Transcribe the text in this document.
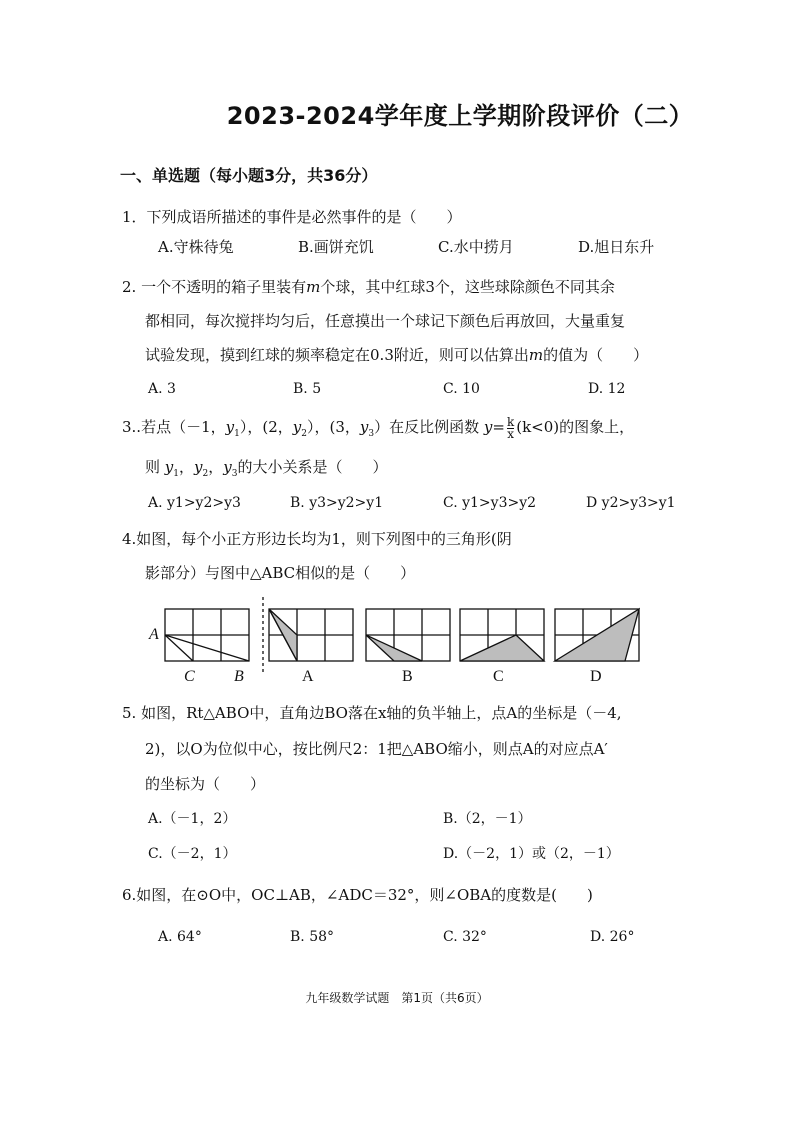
2023-2024学年度上学期阶段评价（二）
一、单选题（每小题3分，共36分）
1．下列成语所描述的事件是必然事件的是（　　）
A.守株待兔	B.画饼充饥	C.水中捞月	D.旭日东升
2. 一个不透明的箱子里装有m个球，其中红球3个，这些球除颜色不同其余
都相同，每次搅拌均匀后，任意摸出一个球记下颜色后再放回，大量重复
试验发现，摸到红球的频率稳定在0.3附近，则可以估算出m的值为（　　）
A. 3	B. 5	C. 10	D. 12
3..若点（－1，$y_1$），(2，$y_2$），(3，$y_3$）在反比例函数 $y= \frac{k}{x} (k<0)$的图象上，
则 $y_1$，$y_2$，$y_3$的大小关系是（　　）
A. y1>y2>y3	B. y3>y2>y1	C. y1>y3>y2	D y2>y3>y1
4.如图，每个小正方形边长均为1，则下列图中的三角形(阴
影部分）与图中△ABC相似的是（　　）
A
C B	A	B	C	D
5. 如图，Rt△ABO中，直角边BO落在x轴的负半轴上，点A的坐标是（－4,
2)，以O为位似中心，按比例尺2：1把△ABO缩小，则点A的对应点A′
的坐标为（　　）
A.（－1，2）	B.（2，－1）
C.（－2，1）	D.（－2，1）或（2，－1）
6.如图，在⊙O中，OC⊥AB，∠ADC＝32°，则∠OBA的度数是(　　)
A. 64°	B. 58°	C. 32°	D. 26°
九年级数学试题　第1页（共6页）
